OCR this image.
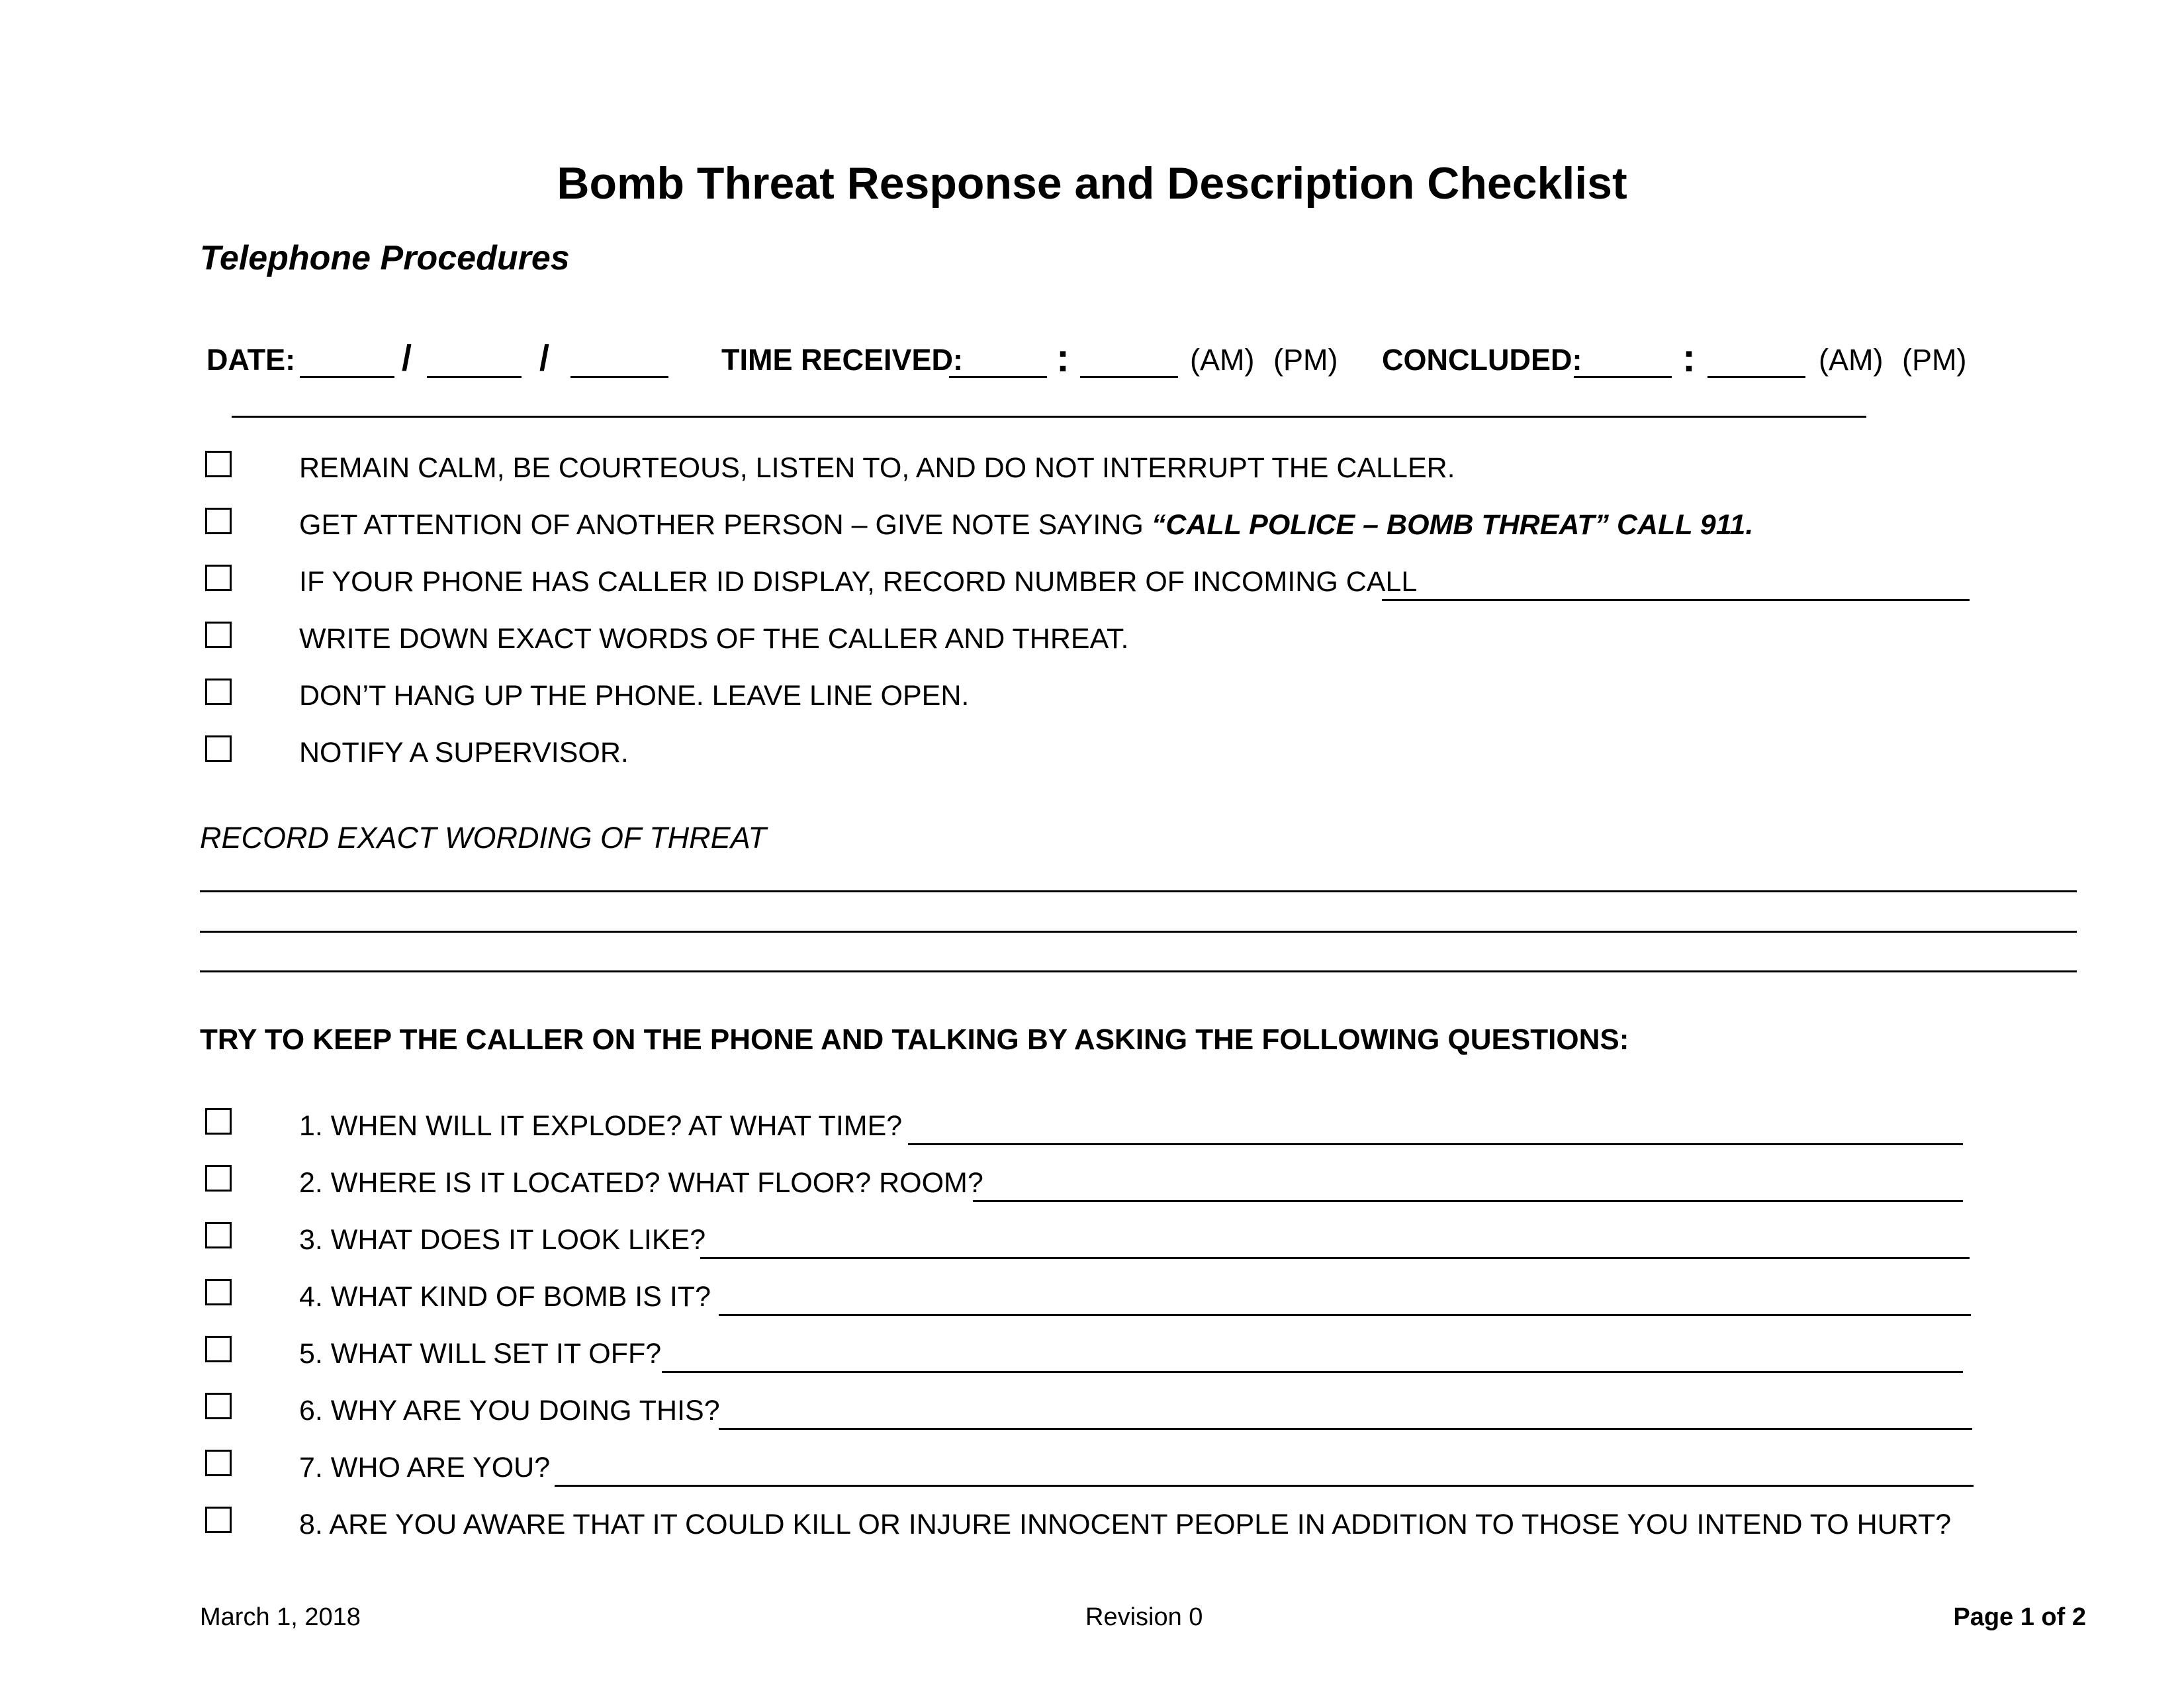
Bomb Threat Response and Description Checklist
Telephone Procedures
DATE:	/	/	TIME RECEIVED: :	(AM) (PM) CONCLUDED:	:	(AM) (PM)
REMAIN CALM, BE COURTEOUS, LISTEN TO, AND DO NOT INTERRUPT THE CALLER.
GET ATTENTION OF ANOTHER PERSON – GIVE NOTE SAYING “CALL POLICE – BOMB THREAT” CALL 911.
IF YOUR PHONE HAS CALLER ID DISPLAY, RECORD NUMBER OF INCOMING CALL
WRITE DOWN EXACT WORDS OF THE CALLER AND THREAT.
DON’T HANG UP THE PHONE. LEAVE LINE OPEN.
NOTIFY A SUPERVISOR.
RECORD EXACT WORDING OF THREAT
TRY TO KEEP THE CALLER ON THE PHONE AND TALKING BY ASKING THE FOLLOWING QUESTIONS:
1. WHEN WILL IT EXPLODE? AT WHAT TIME?
2. WHERE IS IT LOCATED? WHAT FLOOR? ROOM?
3. WHAT DOES IT LOOK LIKE?
4. WHAT KIND OF BOMB IS IT?
5. WHAT WILL SET IT OFF?
6. WHY ARE YOU DOING THIS?
7. WHO ARE YOU?
8. ARE YOU AWARE THAT IT COULD KILL OR INJURE INNOCENT PEOPLE IN ADDITION TO THOSE YOU INTEND TO HURT?
March 1, 2018	Revision 0	Page 1 of 2
